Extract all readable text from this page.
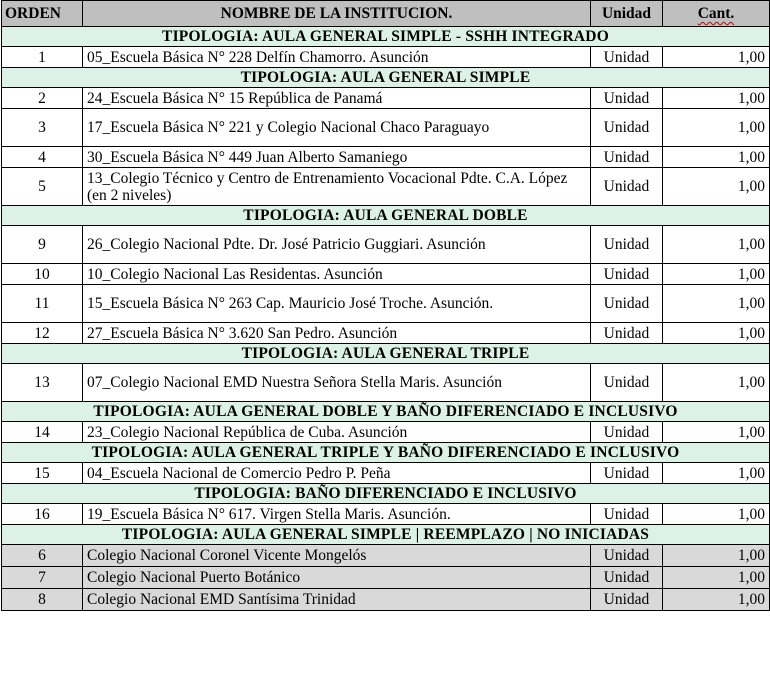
ORDEN	NOMBRE DE LA INSTITUCION.	Unidad	Cant.
TIPOLOGIA: AULA GENERAL SIMPLE - SSHH INTEGRADO			
1	05_Escuela Básica N° 228 Delfín Chamorro. Asunción	Unidad	1,00
TIPOLOGIA: AULA GENERAL SIMPLE			
2	24_Escuela Básica N° 15 República de Panamá	Unidad	1,00
3	17_Escuela Básica N° 221 y Colegio Nacional Chaco Paraguayo	Unidad	1,00
4	30_Escuela Básica N° 449 Juan Alberto Samaniego	Unidad	1,00
5	13_Colegio Técnico y Centro de Entrenamiento Vocacional Pdte. C.A. López (en 2 niveles)	Unidad	1,00
TIPOLOGIA: AULA GENERAL DOBLE			
9	26_Colegio Nacional Pdte. Dr. José Patricio Guggiari. Asunción	Unidad	1,00
10	10_Colegio Nacional Las Residentas. Asunción	Unidad	1,00
11	15_Escuela Básica N° 263 Cap. Mauricio José Troche. Asunción.	Unidad	1,00
12	27_Escuela Básica N° 3.620 San Pedro. Asunción	Unidad	1,00
TIPOLOGIA: AULA GENERAL TRIPLE			
13	07_Colegio Nacional EMD Nuestra Señora Stella Maris. Asunción	Unidad	1,00
TIPOLOGIA: AULA GENERAL DOBLE Y BAÑO DIFERENCIADO E INCLUSIVO			
14	23_Colegio Nacional República de Cuba. Asunción	Unidad	1,00
TIPOLOGIA: AULA GENERAL TRIPLE Y BAÑO DIFERENCIADO E INCLUSIVO			
15	04_Escuela Nacional de Comercio Pedro P. Peña	Unidad	1,00
TIPOLOGIA: BAÑO DIFERENCIADO E INCLUSIVO			
16	19_Escuela Básica N° 617. Virgen Stella Maris. Asunción.	Unidad	1,00
TIPOLOGIA: AULA GENERAL SIMPLE | REEMPLAZO | NO INICIADAS			
6	Colegio Nacional Coronel Vicente Mongelós	Unidad	1,00
7	Colegio Nacional Puerto Botánico	Unidad	1,00
8	Colegio Nacional EMD Santísima Trinidad	Unidad	1,00
